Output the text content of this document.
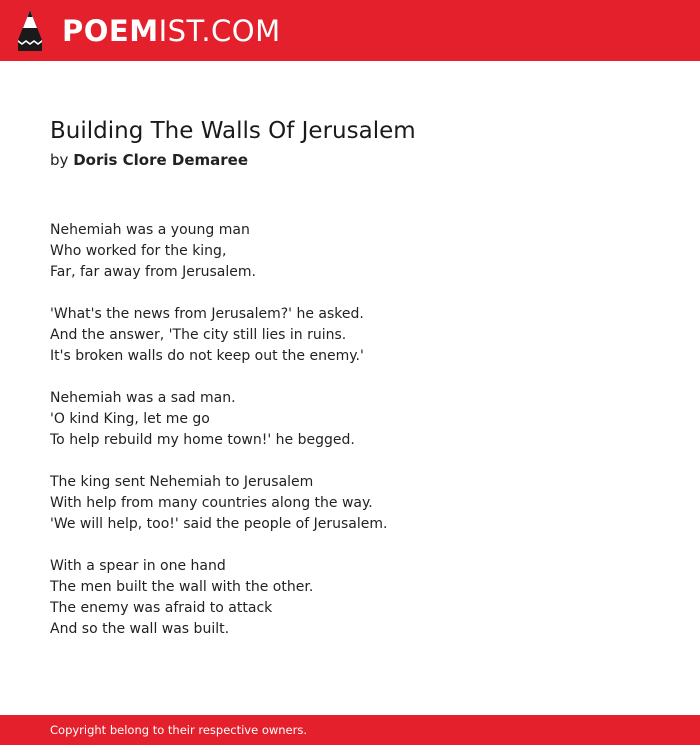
POEMIST.COM
Building The Walls Of Jerusalem
by Doris Clore Demaree
Nehemiah was a young man
Who worked for the king,
Far, far away from Jerusalem.
'What's the news from Jerusalem?' he asked.
And the answer, 'The city still lies in ruins.
It's broken walls do not keep out the enemy.'
Nehemiah was a sad man.
'O kind King, let me go
To help rebuild my home town!' he begged.
The king sent Nehemiah to Jerusalem
With help from many countries along the way.
'We will help, too!' said the people of Jerusalem.
With a spear in one hand
The men built the wall with the other.
The enemy was afraid to attack
And so the wall was built.
Copyright belong to their respective owners.
